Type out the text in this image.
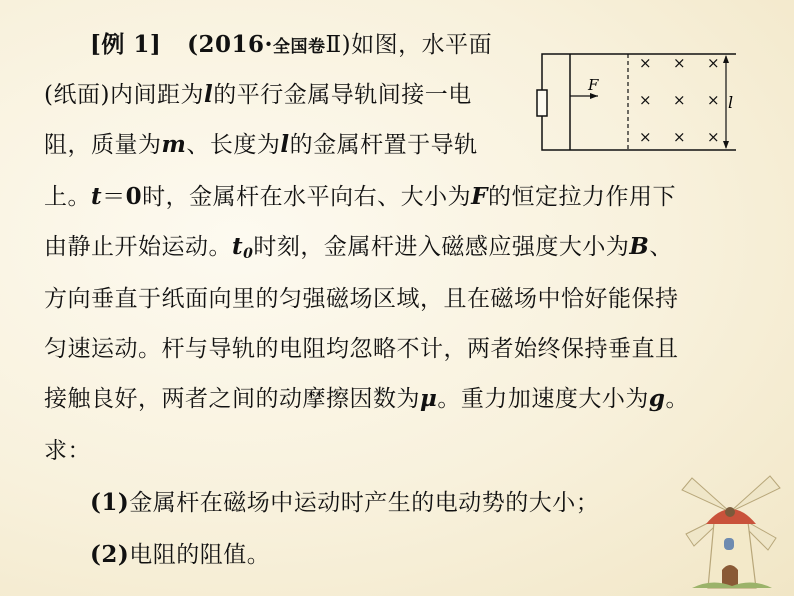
[例 1] (2016·全国卷Ⅱ)如图，水平面
(纸面)内间距为l的平行金属导轨间接一电
阻，质量为m、长度为l的金属杆置于导轨
上。t＝0时，金属杆在水平向右、大小为F的恒定拉力作用下
由静止开始运动。$t_0$时刻，金属杆进入磁感应强度大小为B、
方向垂直于纸面向里的匀强磁场区域，且在磁场中恰好能保持
匀速运动。杆与导轨的电阻均忽略不计，两者始终保持垂直且
接触良好，两者之间的动摩擦因数为μ。重力加速度大小为g。
求：
(1)金属杆在磁场中运动时产生的电动势的大小；
(2)电阻的阻值。
F
× × ×
× × ×
× × ×
l
